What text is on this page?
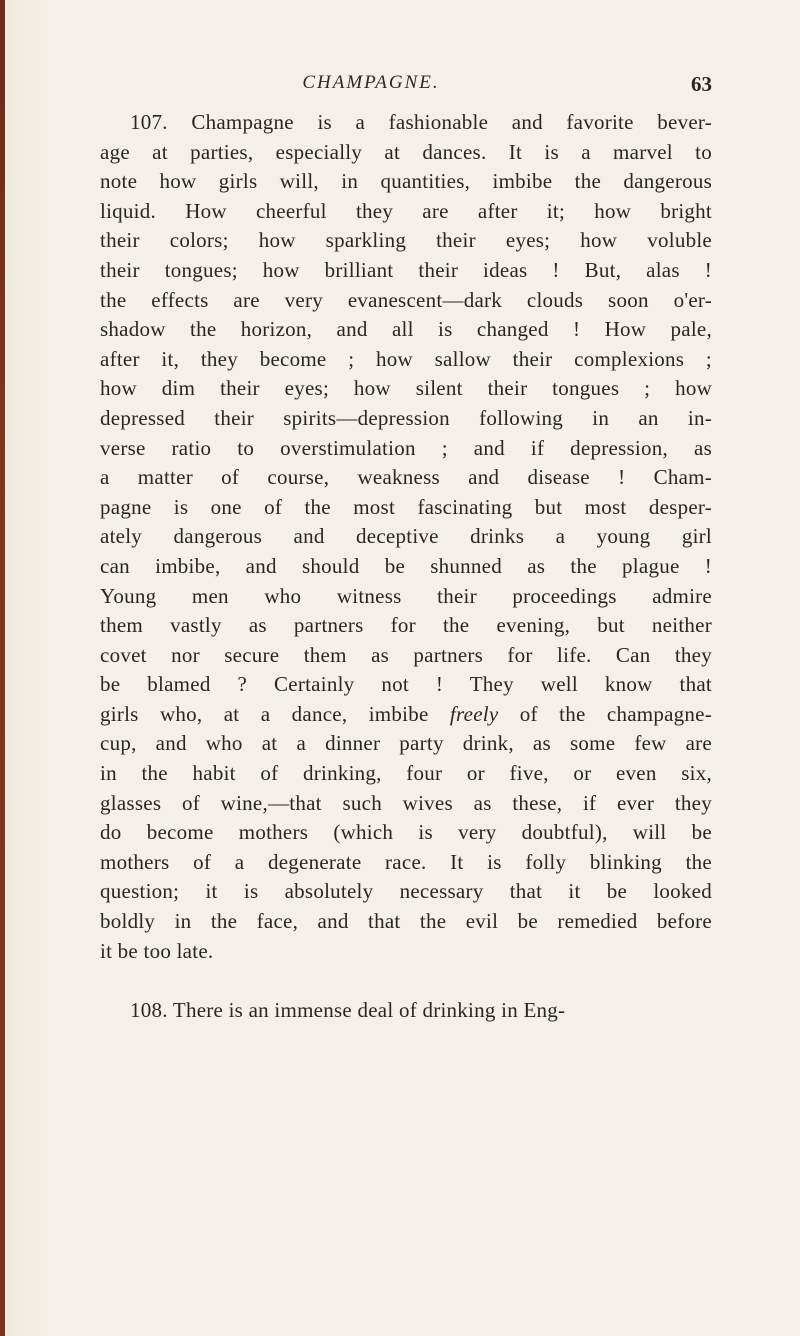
CHAMPAGNE.	63
107. Champagne is a fashionable and favorite bever-
age at parties, especially at dances. It is a marvel to
note how girls will, in quantities, imbibe the dangerous
liquid. How cheerful they are after it; how bright
their colors; how sparkling their eyes; how voluble
their tongues; how brilliant their ideas ! But, alas !
the effects are very evanescent—dark clouds soon o'er-
shadow the horizon, and all is changed ! How pale,
after it, they become ; how sallow their complexions ;
how dim their eyes; how silent their tongues ; how
depressed their spirits—depression following in an in-
verse ratio to overstimulation ; and if depression, as
a matter of course, weakness and disease ! Cham-
pagne is one of the most fascinating but most desper-
ately dangerous and deceptive drinks a young girl
can imbibe, and should be shunned as the plague !
Young men who witness their proceedings admire
them vastly as partners for the evening, but neither
covet nor secure them as partners for life. Can they
be blamed ? Certainly not ! They well know that
girls who, at a dance, imbibe freely of the champagne-
cup, and who at a dinner party drink, as some few are
in the habit of drinking, four or five, or even six,
glasses of wine,—that such wives as these, if ever they
do become mothers (which is very doubtful), will be
mothers of a degenerate race. It is folly blinking the
question; it is absolutely necessary that it be looked
boldly in the face, and that the evil be remedied before
it be too late.
108. There is an immense deal of drinking in Eng-
